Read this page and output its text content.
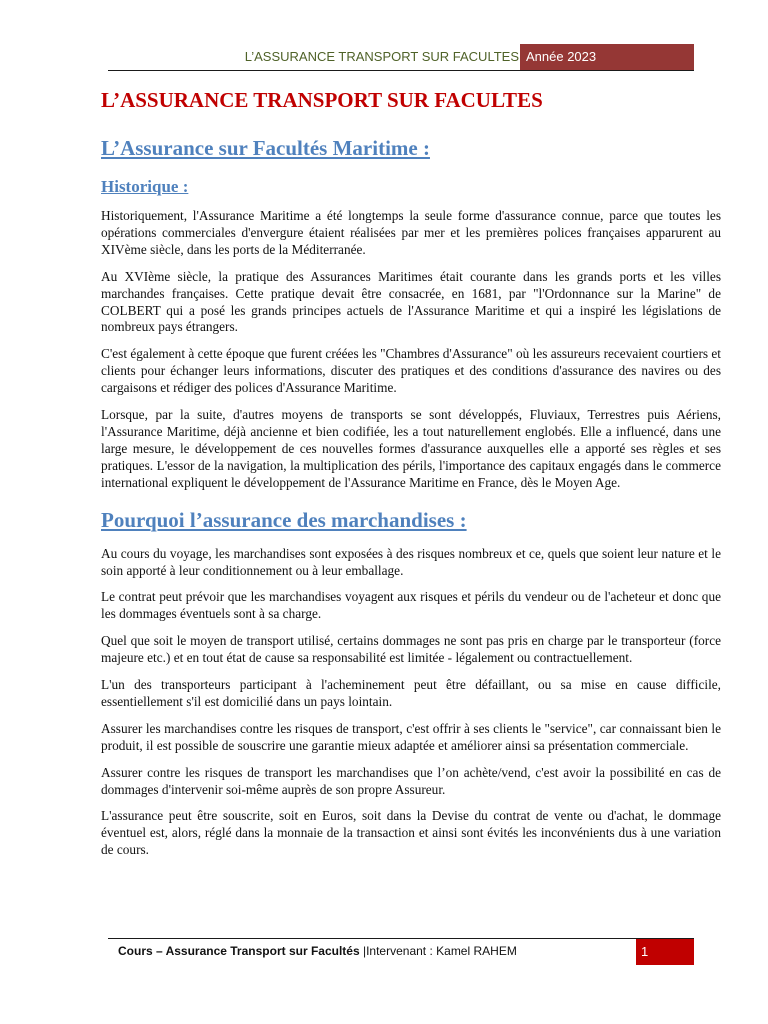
L’ASSURANCE TRANSPORT SUR FACULTES Année 2023
L’ASSURANCE TRANSPORT SUR FACULTES
L’Assurance sur Facultés Maritime :
Historique :

Historiquement, l'Assurance Maritime a été longtemps la seule forme d'assurance connue, parce que toutes les opérations commerciales d'envergure étaient réalisées par mer et les premières polices françaises apparurent au XIVème siècle, dans les ports de la Méditerranée.

Au XVIème siècle, la pratique des Assurances Maritimes était courante dans les grands ports et les villes marchandes françaises. Cette pratique devait être consacrée, en 1681, par "l'Ordonnance sur la Marine" de COLBERT qui a posé les grands principes actuels de l'Assurance Maritime et qui a inspiré les législations de nombreux pays étrangers.

C'est également à cette époque que furent créées les "Chambres d'Assurance" où les assureurs recevaient courtiers et clients pour échanger leurs informations, discuter des pratiques et des conditions d'assurance des navires ou des cargaisons et rédiger des polices d'Assurance Maritime.

Lorsque, par la suite, d'autres moyens de transports se sont développés, Fluviaux, Terrestres puis Aériens, l'Assurance Maritime, déjà ancienne et bien codifiée, les a tout naturellement englobés. Elle a influencé, dans une large mesure, le développement de ces nouvelles formes d'assurance auxquelles elle a apporté ses règles et ses pratiques. L'essor de la navigation, la multiplication des périls, l'importance des capitaux engagés dans le commerce international expliquent le développement de l'Assurance Maritime en France, dès le Moyen Age.

Pourquoi l’assurance des marchandises :

Au cours du voyage, les marchandises sont exposées à des risques nombreux et ce, quels que soient leur nature et le soin apporté à leur conditionnement ou à leur emballage.

Le contrat peut prévoir que les marchandises voyagent aux risques et périls du vendeur ou de l'acheteur et donc que les dommages éventuels sont à sa charge.

Quel que soit le moyen de transport utilisé, certains dommages ne sont pas pris en charge par le transporteur (force majeure etc.) et en tout état de cause sa responsabilité est limitée - légalement ou contractuellement.

L'un des transporteurs participant à l'acheminement peut être défaillant, ou sa mise en cause difficile, essentiellement s'il est domicilié dans un pays lointain.

Assurer les marchandises contre les risques de transport, c'est offrir à ses clients le "service", car connaissant bien le produit, il est possible de souscrire une garantie mieux adaptée et améliorer ainsi sa présentation commerciale.

Assurer contre les risques de transport les marchandises que l’on achète/vend, c'est avoir la possibilité en cas de dommages d'intervenir soi-même auprès de son propre Assureur.

L'assurance peut être souscrite, soit en Euros, soit dans la Devise du contrat de vente ou d'achat, le dommage éventuel est, alors, réglé dans la monnaie de la transaction et ainsi sont évités les inconvénients dus à une variation de cours.

Cours – Assurance Transport sur Facultés |Intervenant : Kamel RAHEM	1
